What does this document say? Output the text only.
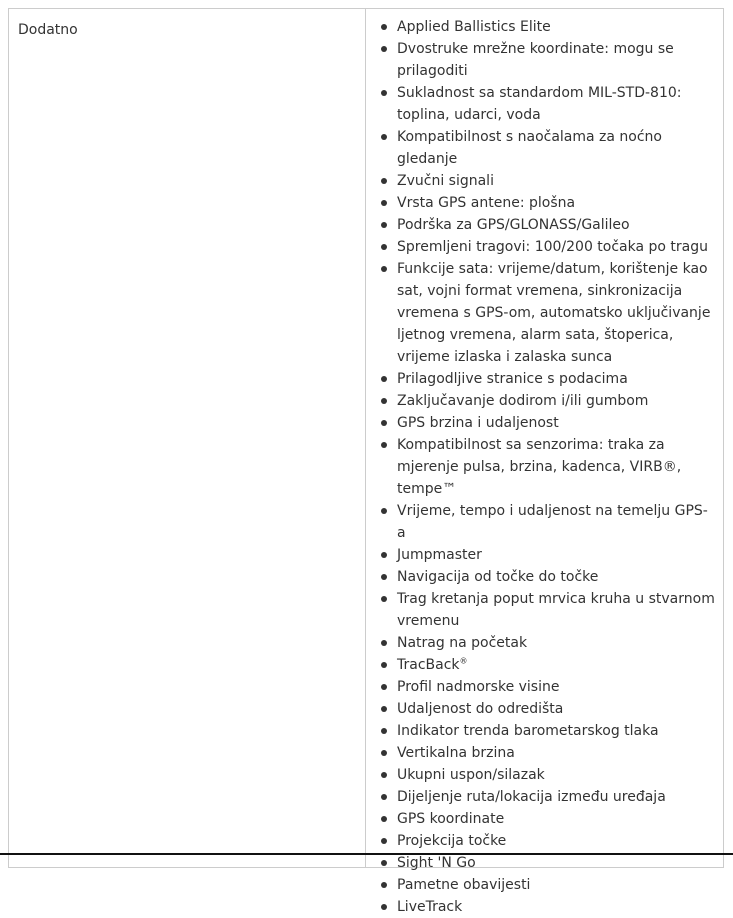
Dodatno	Applied Ballistics Elite
Dvostruke mrežne koordinate: mogu se prilagoditi
Sukladnost sa standardom MIL-STD-810: toplina, udarci, voda
Kompatibilnost s naočalama za noćno gledanje
Zvučni signali
Vrsta GPS antene: plošna
Podrška za GPS/GLONASS/Galileo
Spremljeni tragovi: 100/200 točaka po tragu
Funkcije sata: vrijeme/datum, korištenje kao sat, vojni format vremena, sinkronizacija vremena s GPS-om, automatsko uključivanje ljetnog vremena, alarm sata, štoperica, vrijeme izlaska i zalaska sunca
Prilagodljive stranice s podacima
Zaključavanje dodirom i/ili gumbom
GPS brzina i udaljenost
Kompatibilnost sa senzorima: traka za mjerenje pulsa, brzina, kadenca, VIRB®, tempe™
Vrijeme, tempo i udaljenost na temelju GPS-a
Jumpmaster
Navigacija od točke do točke
Trag kretanja poput mrvica kruha u stvarnom vremenu
Natrag na početak
TracBack®
Profil nadmorske visine
Udaljenost do odredišta
Indikator trenda barometarskog tlaka
Vertikalna brzina
Ukupni uspon/silazak
Dijeljenje ruta/lokacija između uređaja
GPS koordinate
Projekcija točke
Sight 'N Go
Pametne obavijesti
LiveTrack
